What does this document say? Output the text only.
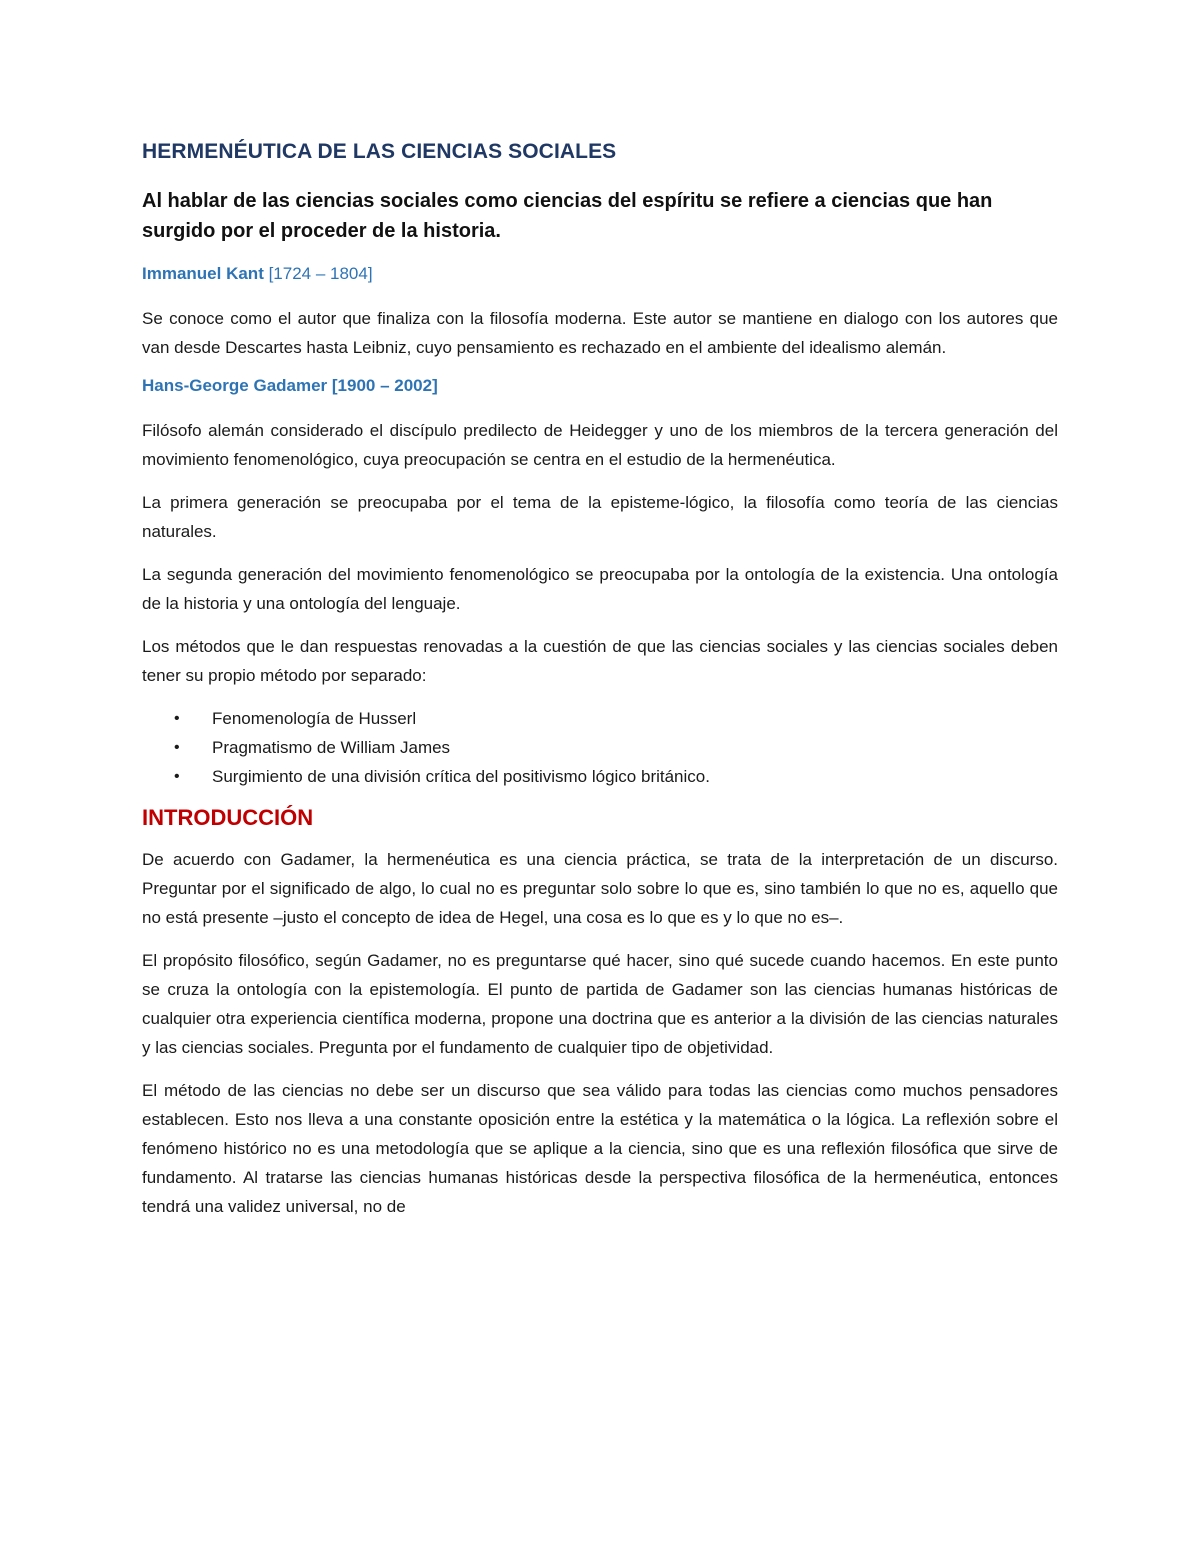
HERMENÉUTICA DE LAS CIENCIAS SOCIALES

Al hablar de las ciencias sociales como ciencias del espíritu se refiere a ciencias que han surgido por el proceder de la historia.

Immanuel Kant [1724 – 1804]

Se conoce como el autor que finaliza con la filosofía moderna. Este autor se mantiene en dialogo con los autores que van desde Descartes hasta Leibniz, cuyo pensamiento es rechazado en el ambiente del idealismo alemán.

Hans-George Gadamer [1900 – 2002]

Filósofo alemán considerado el discípulo predilecto de Heidegger y uno de los miembros de la tercera generación del movimiento fenomenológico, cuya preocupación se centra en el estudio de la hermenéutica.

La primera generación se preocupaba por el tema de la episteme-lógico, la filosofía como teoría de las ciencias naturales.

La segunda generación del movimiento fenomenológico se preocupaba por la ontología de la existencia. Una ontología de la historia y una ontología del lenguaje.

Los métodos que le dan respuestas renovadas a la cuestión de que las ciencias sociales y las ciencias sociales deben tener su propio método por separado:

• Fenomenología de Husserl
• Pragmatismo de William James
• Surgimiento de una división crítica del positivismo lógico británico.
INTRODUCCIÓN

De acuerdo con Gadamer, la hermenéutica es una ciencia práctica, se trata de la interpretación de un discurso. Preguntar por el significado de algo, lo cual no es preguntar solo sobre lo que es, sino también lo que no es, aquello que no está presente –justo el concepto de idea de Hegel, una cosa es lo que es y lo que no es–.

El propósito filosófico, según Gadamer, no es preguntarse qué hacer, sino qué sucede cuando hacemos. En este punto se cruza la ontología con la epistemología. El punto de partida de Gadamer son las ciencias humanas históricas de cualquier otra experiencia científica moderna, propone una doctrina que es anterior a la división de las ciencias naturales y las ciencias sociales. Pregunta por el fundamento de cualquier tipo de objetividad.

El método de las ciencias no debe ser un discurso que sea válido para todas las ciencias como muchos pensadores establecen. Esto nos lleva a una constante oposición entre la estética y la matemática o la lógica. La reflexión sobre el fenómeno histórico no es una metodología que se aplique a la ciencia, sino que es una reflexión filosófica que sirve de fundamento. Al tratarse las ciencias humanas históricas desde la perspectiva filosófica de la hermenéutica, entonces tendrá una validez universal, no de
